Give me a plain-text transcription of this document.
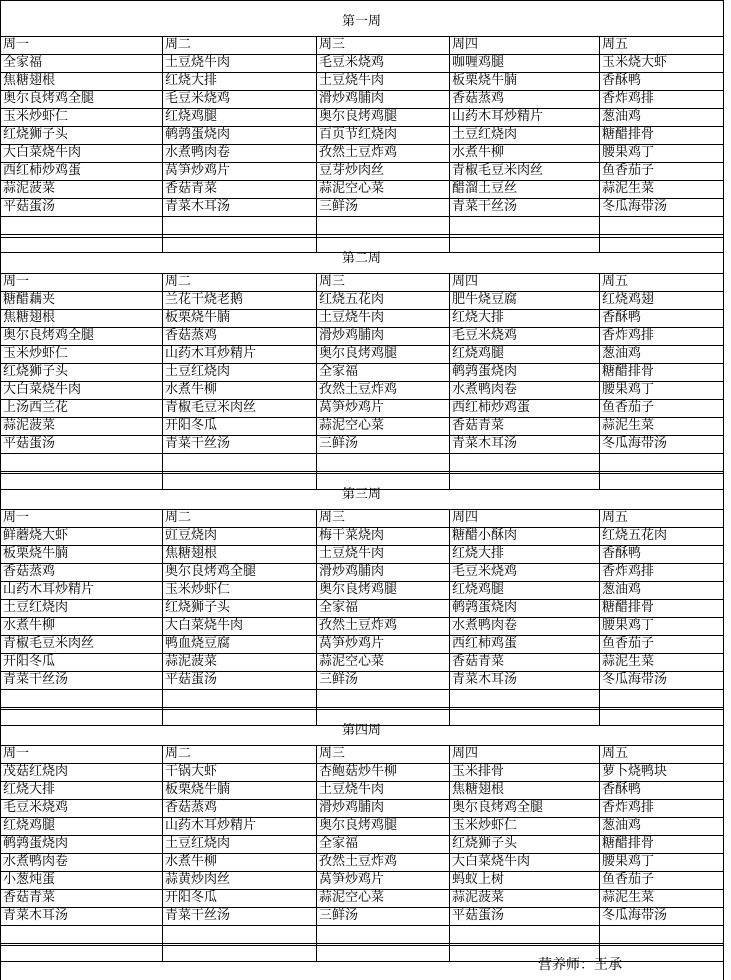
第一周
周一	周二	周三	周四	周五
全家福	土豆烧牛肉	毛豆米烧鸡	咖喱鸡腿	玉米烧大虾
焦糖翅根	红烧大排	土豆烧牛肉	板栗烧牛腩	香酥鸭
奥尔良烤鸡全腿	毛豆米烧鸡	滑炒鸡脯肉	香菇蒸鸡	香炸鸡排
玉米炒虾仁	红烧鸡腿	奥尔良烤鸡腿	山药木耳炒精片	葱油鸡
红烧狮子头	鹌鹑蛋烧肉	百页节红烧肉	土豆红烧肉	糖醋排骨
大白菜烧牛肉	水煮鸭肉卷	孜然土豆炸鸡	水煮牛柳	腰果鸡丁
西红柿炒鸡蛋	莴笋炒鸡片	豆芽炒肉丝	青椒毛豆米肉丝	鱼香茄子
蒜泥菠菜	香菇青菜	蒜泥空心菜	醋溜土豆丝	蒜泥生菜
平菇蛋汤	青菜木耳汤	三鲜汤	青菜干丝汤	冬瓜海带汤
第二周
周一	周二	周三	周四	周五
糖醋藕夹	兰花干烧老鹅	红烧五花肉	肥牛烧豆腐	红烧鸡翅
焦糖翅根	板栗烧牛腩	土豆烧牛肉	红烧大排	香酥鸭
奥尔良烤鸡全腿	香菇蒸鸡	滑炒鸡脯肉	毛豆米烧鸡	香炸鸡排
玉米炒虾仁	山药木耳炒精片	奥尔良烤鸡腿	红烧鸡腿	葱油鸡
红烧狮子头	土豆红烧肉	全家福	鹌鹑蛋烧肉	糖醋排骨
大白菜烧牛肉	水煮牛柳	孜然土豆炸鸡	水煮鸭肉卷	腰果鸡丁
上汤西兰花	青椒毛豆米肉丝	莴笋炒鸡片	西红柿炒鸡蛋	鱼香茄子
蒜泥菠菜	开阳冬瓜	蒜泥空心菜	香菇青菜	蒜泥生菜
平菇蛋汤	青菜干丝汤	三鲜汤	青菜木耳汤	冬瓜海带汤
第三周
周一	周二	周三	周四	周五
鲜蘑烧大虾	豇豆烧肉	梅干菜烧肉	糖醋小酥肉	红烧五花肉
板栗烧牛腩	焦糖翅根	土豆烧牛肉	红烧大排	香酥鸭
香菇蒸鸡	奥尔良烤鸡全腿	滑炒鸡脯肉	毛豆米烧鸡	香炸鸡排
山药木耳炒精片	玉米炒虾仁	奥尔良烤鸡腿	红烧鸡腿	葱油鸡
土豆红烧肉	红烧狮子头	全家福	鹌鹑蛋烧肉	糖醋排骨
水煮牛柳	大白菜烧牛肉	孜然土豆炸鸡	水煮鸭肉卷	腰果鸡丁
青椒毛豆米肉丝	鸭血烧豆腐	莴笋炒鸡片	西红柿鸡蛋	鱼香茄子
开阳冬瓜	蒜泥菠菜	蒜泥空心菜	香菇青菜	蒜泥生菜
青菜干丝汤	平菇蛋汤	三鲜汤	青菜木耳汤	冬瓜海带汤
第四周
周一	周二	周三	周四	周五
茂菇红烧肉	干锅大虾	杏鲍菇炒牛柳	玉米排骨	萝卜烧鸭块
红烧大排	板栗烧牛腩	土豆烧牛肉	焦糖翅根	香酥鸭
毛豆米烧鸡	香菇蒸鸡	滑炒鸡脯肉	奥尔良烤鸡全腿	香炸鸡排
红烧鸡腿	山药木耳炒精片	奥尔良烤鸡腿	玉米炒虾仁	葱油鸡
鹌鹑蛋烧肉	土豆红烧肉	全家福	红烧狮子头	糖醋排骨
水煮鸭肉卷	水煮牛柳	孜然土豆炸鸡	大白菜烧牛肉	腰果鸡丁
小葱炖蛋	蒜黄炒肉丝	莴笋炒鸡片	蚂蚁上树	鱼香茄子
香菇青菜	开阳冬瓜	蒜泥空心菜	蒜泥菠菜	蒜泥生菜
青菜木耳汤	青菜干丝汤	三鲜汤	平菇蛋汤	冬瓜海带汤
营养师：王承
